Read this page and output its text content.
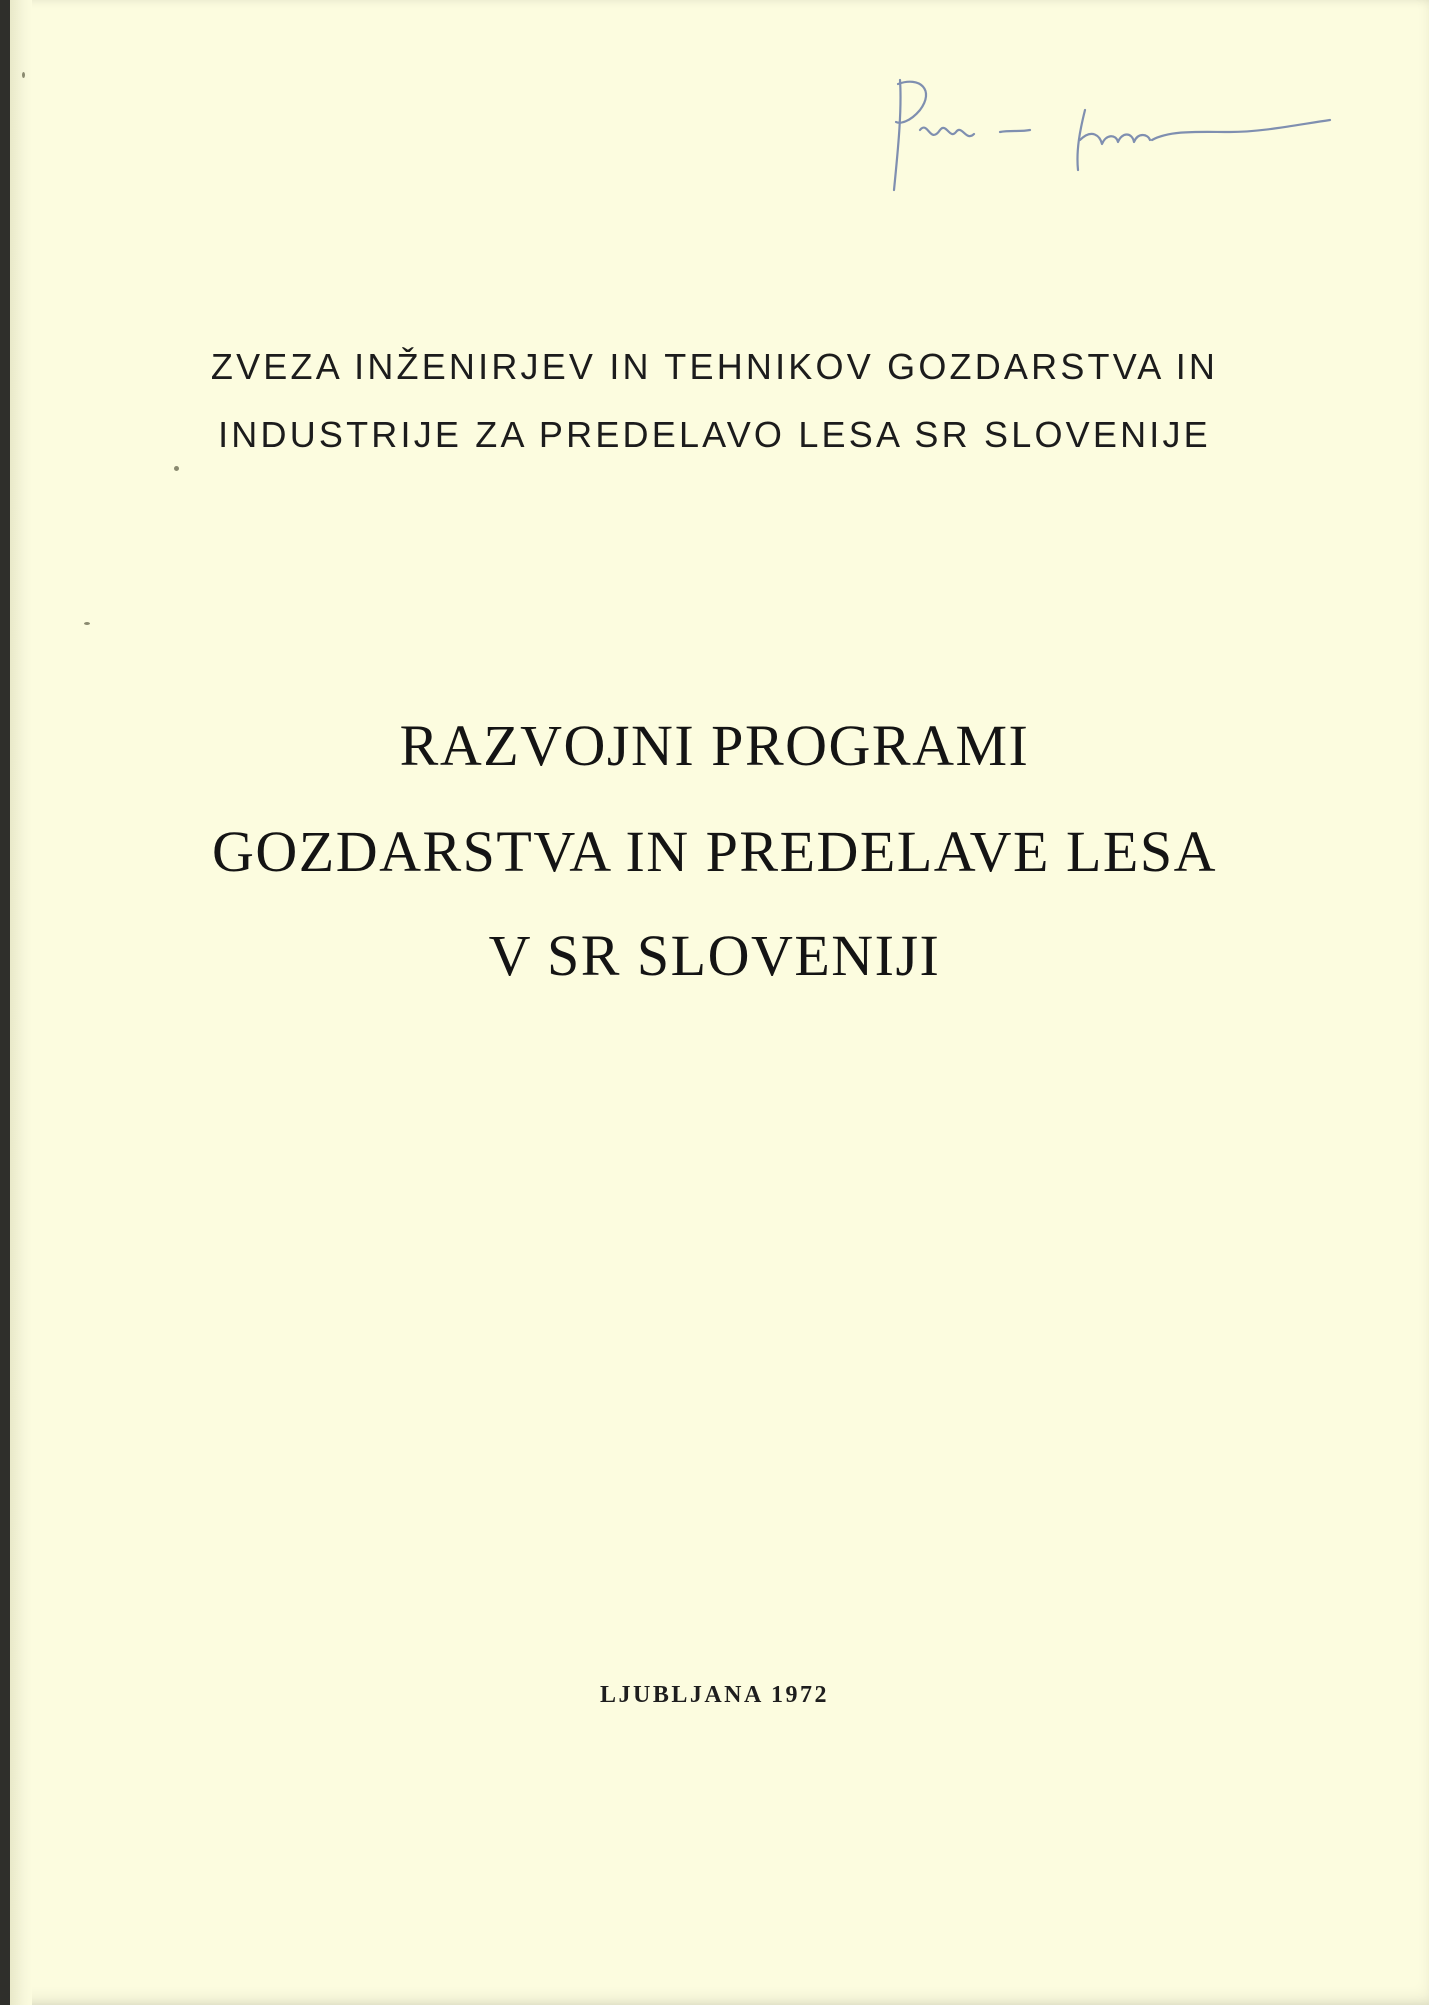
ZVEZA INŽENIRJEV IN TEHNIKOV GOZDARSTVA IN
INDUSTRIJE ZA PREDELAVO LESA SR SLOVENIJE
RAZVOJNI PROGRAMI
GOZDARSTVA IN PREDELAVE LESA
V SR SLOVENIJI
LJUBLJANA 1972
